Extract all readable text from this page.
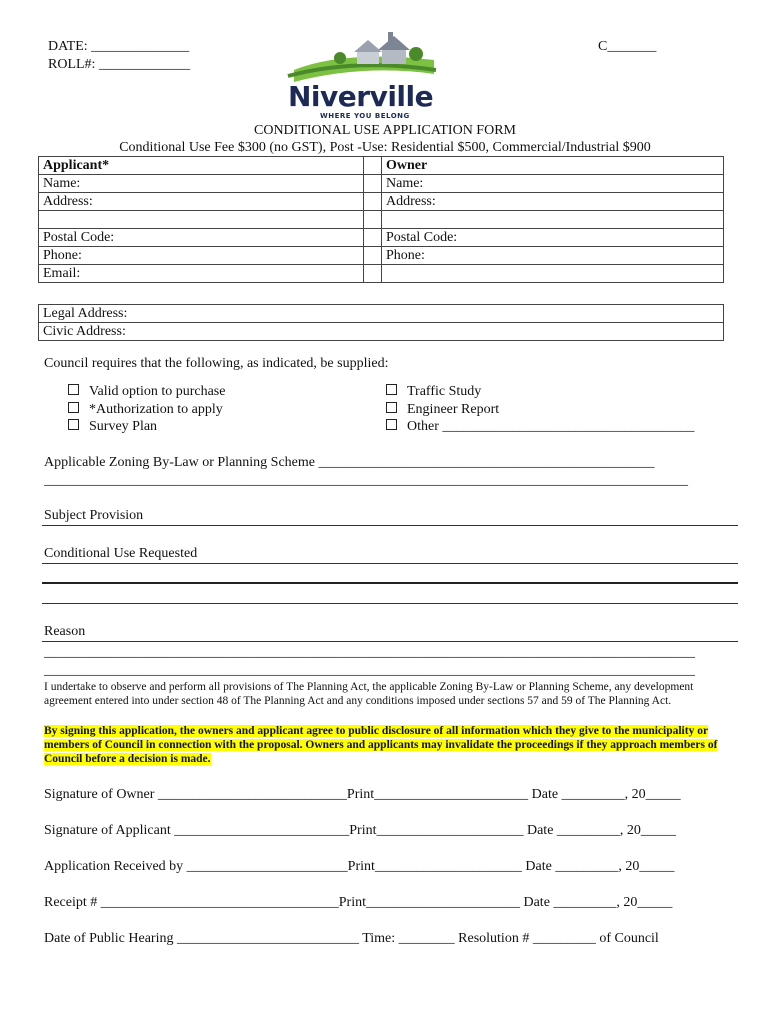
DATE: ______________
ROLL#: _____________
C_______
Niverville
WHERE YOU BELONG
CONDITIONAL USE APPLICATION FORM
Conditional Use Fee $300 (no GST), Post -Use: Residential $500, Commercial/Industrial $900
Applicant*		Owner
Name:		Name:
Address:		Address:

Postal Code:		Postal Code:
Phone:		Phone:
Email:		
Legal Address:
Civic Address:
Council requires that the following, as indicated, be supplied:
Valid option to purchase
*Authorization to apply
Survey Plan
Traffic Study
Engineer Report
Other ____________________________________
Applicable Zoning By-Law or Planning Scheme ________________________________________________
____________________________________________________________________________________________
Subject Provision
Conditional Use Requested
Reason
_____________________________________________________________________________________________
_____________________________________________________________________________________________
I undertake to observe and perform all provisions of The Planning Act, the applicable Zoning By-Law or Planning Scheme, any development agreement entered into under section 48 of The Planning Act and any conditions imposed under sections 57 and 59 of The Planning Act.
By signing this application, the owners and applicant agree to public disclosure of all information which they give to the municipality or members of Council in connection with the proposal. Owners and applicants may invalidate the proceedings if they approach members of Council before a decision is made.
Signature of Owner ___________________________Print______________________ Date _________, 20_____
Signature of Applicant _________________________Print_____________________ Date _________, 20_____
Application Received by _______________________Print_____________________ Date _________, 20_____
Receipt # __________________________________Print______________________ Date _________, 20_____
Date of Public Hearing __________________________ Time: ________ Resolution # _________ of Council
